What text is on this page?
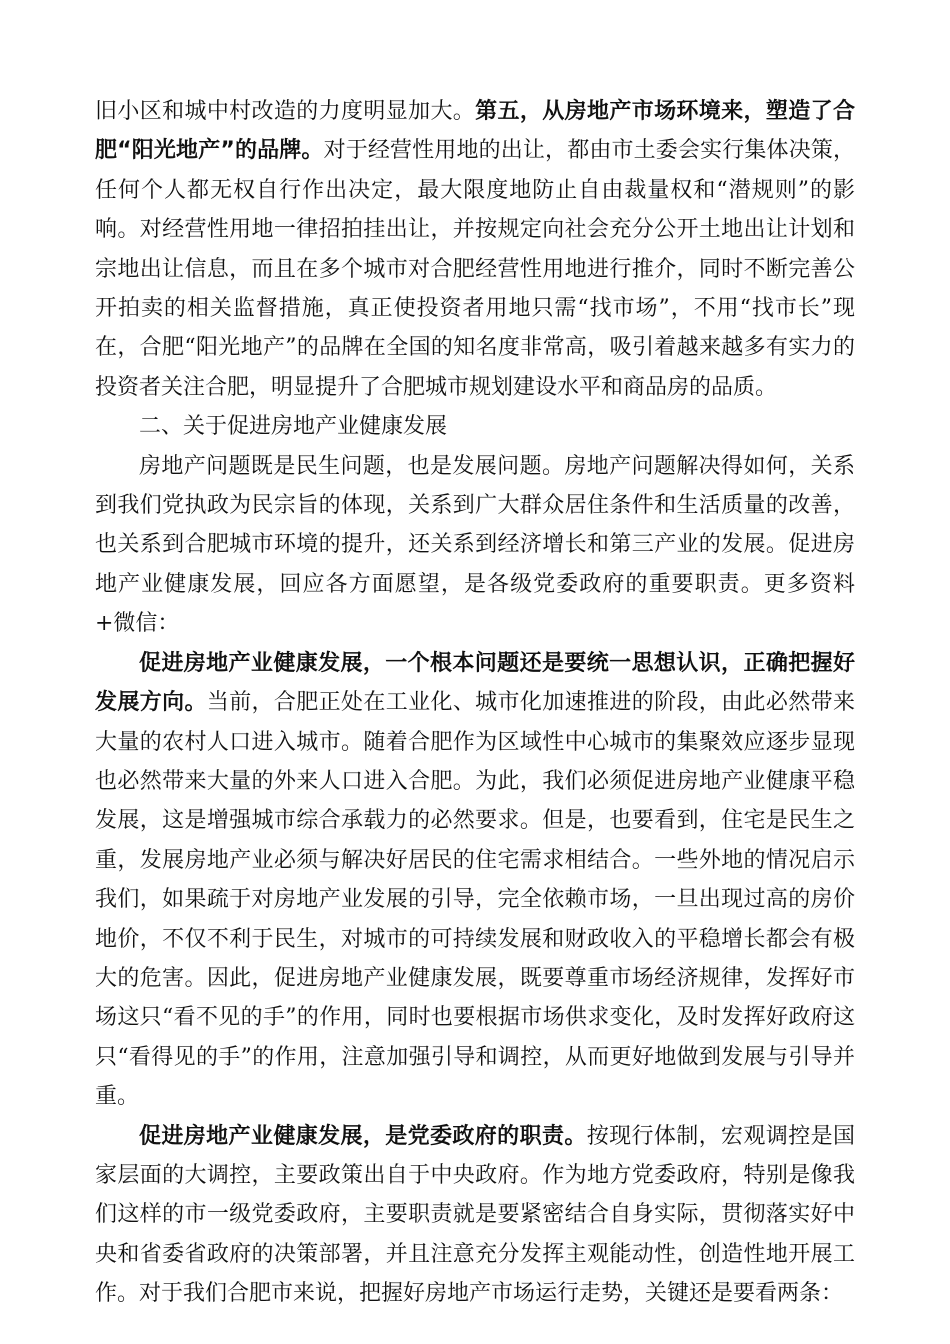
旧小区和城中村改造的力度明显加大。第五，从房地产市场环境来，塑造了合肥“阳光地产”的品牌。对于经营性用地的出让，都由市土委会实行集体决策，任何个人都无权自行作出决定，最大限度地防止自由裁量权和“潜规则”的影响。对经营性用地一律招拍挂出让，并按规定向社会充分公开土地出让计划和宗地出让信息，而且在多个城市对合肥经营性用地进行推介，同时不断完善公开拍卖的相关监督措施，真正使投资者用地只需“找市场”，不用“找市长”现在，合肥“阳光地产”的品牌在全国的知名度非常高，吸引着越来越多有实力的投资者关注合肥，明显提升了合肥城市规划建设水平和商品房的品质。

二、关于促进房地产业健康发展

房地产问题既是民生问题，也是发展问题。房地产问题解决得如何，关系到我们党执政为民宗旨的体现，关系到广大群众居住条件和生活质量的改善，也关系到合肥城市环境的提升，还关系到经济增长和第三产业的发展。促进房地产业健康发展，回应各方面愿望，是各级党委政府的重要职责。更多资料+微信：

促进房地产业健康发展，一个根本问题还是要统一思想认识，正确把握好发展方向。当前，合肥正处在工业化、城市化加速推进的阶段，由此必然带来大量的农村人口进入城市。随着合肥作为区域性中心城市的集聚效应逐步显现也必然带来大量的外来人口进入合肥。为此，我们必须促进房地产业健康平稳发展，这是增强城市综合承载力的必然要求。但是，也要看到，住宅是民生之重，发展房地产业必须与解决好居民的住宅需求相结合。一些外地的情况启示我们，如果疏于对房地产业发展的引导，完全依赖市场，一旦出现过高的房价地价，不仅不利于民生，对城市的可持续发展和财政收入的平稳增长都会有极大的危害。因此，促进房地产业健康发展，既要尊重市场经济规律，发挥好市场这只“看不见的手”的作用，同时也要根据市场供求变化，及时发挥好政府这只“看得见的手”的作用，注意加强引导和调控，从而更好地做到发展与引导并重。

促进房地产业健康发展，是党委政府的职责。按现行体制，宏观调控是国家层面的大调控，主要政策出自于中央政府。作为地方党委政府，特别是像我们这样的市一级党委政府，主要职责就是要紧密结合自身实际，贯彻落实好中央和省委省政府的决策部署，并且注意充分发挥主观能动性，创造性地开展工作。对于我们合肥市来说，把握好房地产市场运行走势，关键还是要看两条：
